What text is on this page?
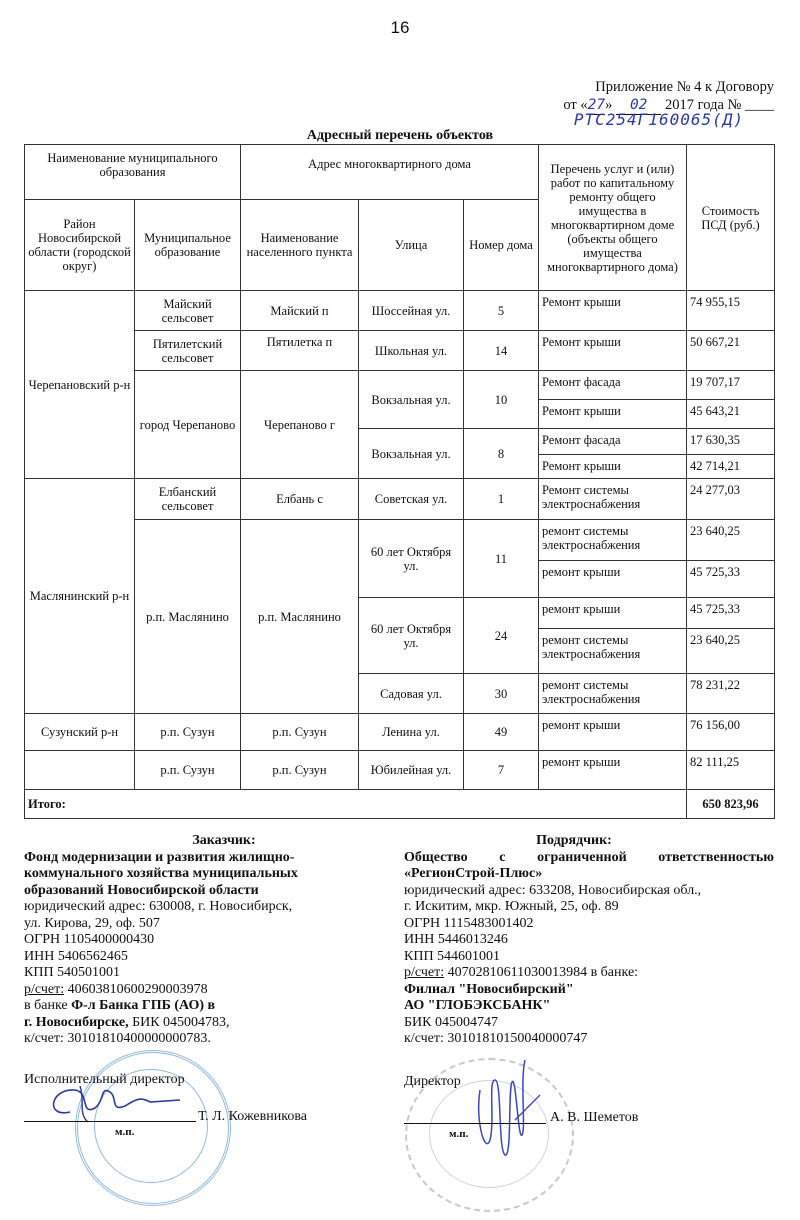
16
Приложение № 4 к Договору
от «27» 02 2017 года № ____
РТС254Г160065(Д)
Адресный перечень объектов
Наименование муниципального образования		Адрес многоквартирного дома			Перечень услуг и (или) работ по капитальному ремонту общего имущества в многоквартирном доме (объекты общего имущества многоквартирного дома)	Стоимость ПСД (руб.)
Район Новосибирской области (городской округ)	Муниципальное образование	Наименование населенного пункта	Улица	Номер дома		
Черепановский р-н	Майский сельсовет	Майский п	Шоссейная ул.	5	Ремонт крыши	74 955,15
	Пятилетский сельсовет	Пятилетка п	Школьная ул.	14	Ремонт крыши	50 667,21
	город Черепаново	Черепаново г	Вокзальная ул.	10	Ремонт фасада	19 707,17
					Ремонт крыши	45 643,21
			Вокзальная ул.	8	Ремонт фасада	17 630,35
					Ремонт крыши	42 714,21
Маслянинский р-н	Елбанский сельсовет	Елбань с	Советская ул.	1	Ремонт системы электроснабжения	24 277,03
	р.п. Маслянино	р.п. Маслянино	60 лет Октября ул.	11	ремонт системы электроснабжения	23 640,25
					ремонт крыши	45 725,33
			60 лет Октября ул.	24	ремонт крыши	45 725,33
					ремонт системы электроснабжения	23 640,25
			Садовая ул.	30	ремонт системы электроснабжения	78 231,22
Сузунский р-н	р.п. Сузун	р.п. Сузун	Ленина ул.	49	ремонт крыши	76 156,00
	р.п. Сузун	р.п. Сузун	Юбилейная ул.	7	ремонт крыши	82 111,25
Итого:						650 823,96
Заказчик:
Фонд модернизации и развития жилищно-
коммунального хозяйства муниципальных
образований Новосибирской области
юридический адрес: 630008, г. Новосибирск,
ул. Кирова, 29, оф. 507
ОГРН 1105400000430
ИНН 5406562465
КПП 540501001
р/счет: 40603810600290003978
в банке Ф-л Банка ГПБ (АО) в
г. Новосибирске, БИК 045004783,
к/счет: 30101810400000000783.
Исполнительный директор
Т. Л. Кожевникова
м.п.
Подрядчик:
Общество с ограниченной ответственностью
«РегионСтрой-Плюс»
юридический адрес: 633208, Новосибирская обл.,
г. Искитим, мкр. Южный, 25, оф. 89
ОГРН 1115483001402
ИНН 5446013246
КПП 544601001
р/счет: 40702810611030013984 в банке:
Филиал "Новосибирский"
АО "ГЛОБЭКСБАНК"
БИК 045004747
к/счет: 30101810150040000747
Директор
А. В. Шеметов
м.п.
